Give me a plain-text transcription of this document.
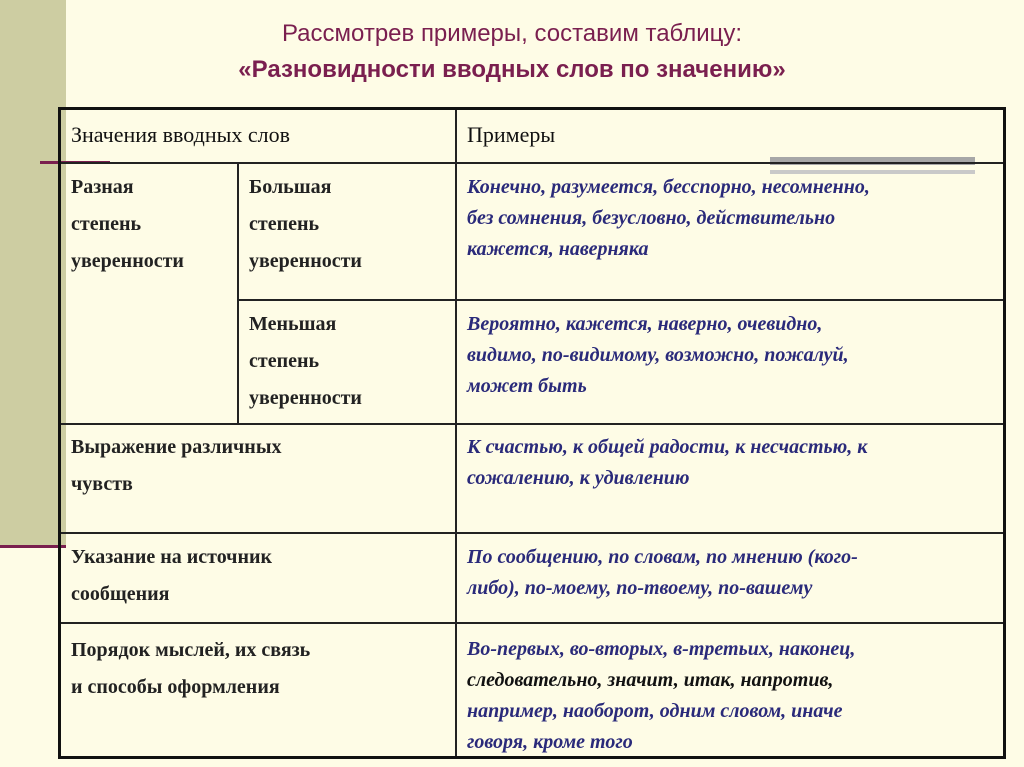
Рассмотрев примеры, составим таблицу:
«Разновидности вводных слов по значению»
Значения вводных слов	Примеры
Разная
степень
уверенности
Большая
степень
уверенности
Конечно, разумеется, бесспорно, несомненно,
без сомнения, безусловно, действительно
кажется, наверняка
Меньшая
степень
уверенности
Вероятно, кажется, наверно, очевидно,
видимо, по-видимому, возможно, пожалуй,
может быть
Выражение различных
чувств
К счастью, к общей радости, к несчастью, к
сожалению, к удивлению
Указание на источник
сообщения
По сообщению, по словам, по мнению (кого-
либо), по-моему, по-твоему, по-вашему
Порядок мыслей, их связь
и способы оформления
Во-первых, во-вторых, в-третьих, наконец,
следовательно, значит, итак, напротив,
например, наоборот, одним словом, иначе
говоря, кроме того
